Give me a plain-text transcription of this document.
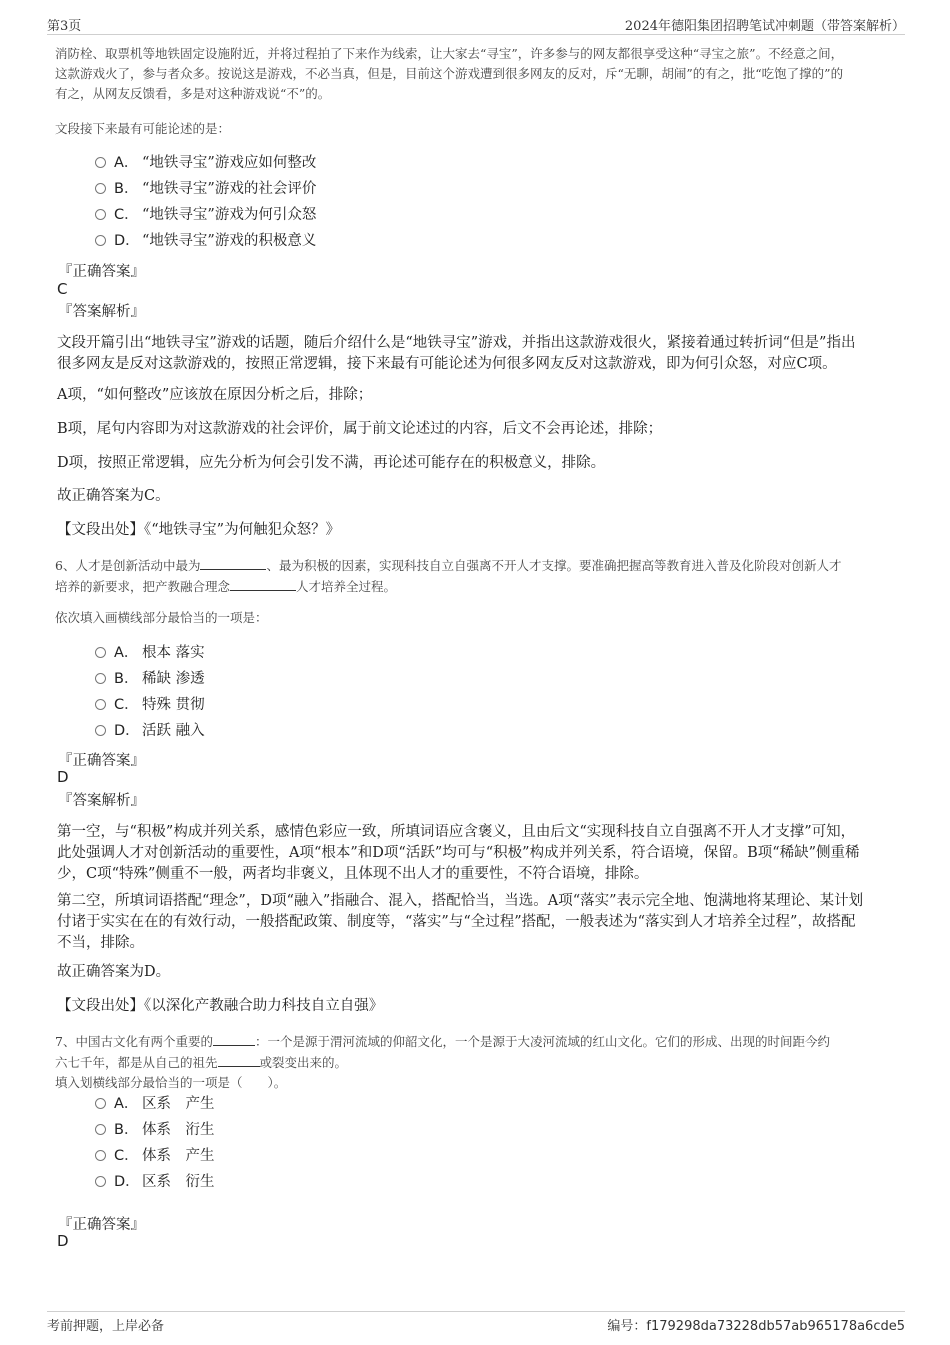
第3页	2024年德阳集团招聘笔试冲刺题（带答案解析）
消防栓、取票机等地铁固定设施附近，并将过程拍了下来作为线索，让大家去“寻宝”，许多参与的网友都很享受这种“寻宝之旅”。不经意之间，
这款游戏火了，参与者众多。按说这是游戏，不必当真，但是，目前这个游戏遭到很多网友的反对，斥“无聊，胡闹”的有之，批“吃饱了撑的”的
有之，从网友反馈看，多是对这种游戏说“不”的。
文段接下来最有可能论述的是：
A． “地铁寻宝”游戏应如何整改
B． “地铁寻宝”游戏的社会评价
C． “地铁寻宝”游戏为何引众怒
D． “地铁寻宝”游戏的积极意义
『正确答案』
C
『答案解析』
文段开篇引出“地铁寻宝”游戏的话题，随后介绍什么是“地铁寻宝”游戏，并指出这款游戏很火，紧接着通过转折词“但是”指出
很多网友是反对这款游戏的，按照正常逻辑，接下来最有可能论述为何很多网友反对这款游戏，即为何引众怒，对应C项。
A项，“如何整改”应该放在原因分析之后，排除；
B项，尾句内容即为对这款游戏的社会评价，属于前文论述过的内容，后文不会再论述，排除；
D项，按照正常逻辑，应先分析为何会引发不满，再论述可能存在的积极意义，排除。
故正确答案为C。
【文段出处】《“地铁寻宝”为何触犯众怒？》
6、人才是创新活动中最为	、最为积极的因素，实现科技自立自强离不开人才支撑。要准确把握高等教育进入普及化阶段对创新人才
培养的新要求，把产教融合理念	人才培养全过程。
依次填入画横线部分最恰当的一项是：
A． 根本 落实
B． 稀缺 渗透
C． 特殊 贯彻
D． 活跃 融入
『正确答案』
D
『答案解析』
第一空，与“积极”构成并列关系，感情色彩应一致，所填词语应含褒义，且由后文“实现科技自立自强离不开人才支撑”可知，
此处强调人才对创新活动的重要性，A项“根本”和D项“活跃”均可与“积极”构成并列关系，符合语境，保留。B项“稀缺”侧重稀
少，C项“特殊”侧重不一般，两者均非褒义，且体现不出人才的重要性，不符合语境，排除。
第二空，所填词语搭配“理念”，D项“融入”指融合、混入，搭配恰当，当选。A项“落实”表示完全地、饱满地将某理论、某计划
付诸于实实在在的有效行动，一般搭配政策、制度等，“落实”与“全过程”搭配，一般表述为“落实到人才培养全过程”，故搭配
不当，排除。
故正确答案为D。
【文段出处】《以深化产教融合助力科技自立自强》
7、中国古文化有两个重要的	：一个是源于渭河流域的仰韶文化，一个是源于大凌河流域的红山文化。它们的形成、出现的时间距今约
六七千年，都是从自己的祖先	或裂变出来的。
填入划横线部分最恰当的一项是（　　）。
A． 区系　产生
B． 体系　洐生
C． 体系　产生
D． 区系　衍生
『正确答案』
D
考前押题，上岸必备	编号：f179298da73228db57ab965178a6cde5
